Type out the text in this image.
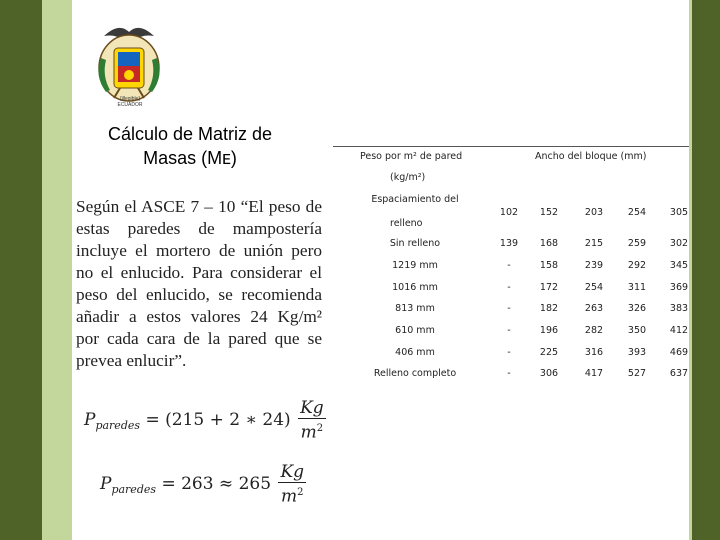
[illegible]
ECUADOR
Cálculo de Matriz de
Masas (Mᴇ)
Según el ASCE 7 – 10 “El peso de estas paredes de mampostería incluye el mortero de unión pero no el enlucido. Para considerar el peso del enlucido, se recomienda añadir a estos valores 24 Kg/m² por cada cara de la pared que se prevea enlucir”.
$P_{paredes} = (215 + 2$ ∗ $24) \frac{Kg}{m^2}$
$P_{paredes} = 263 \approx 265 \frac{Kg}{m^2}$
Peso por m² de pared	Ancho del bloque (mm)
(kg/m²)
Espaciamiento del
relleno
102	152	203	254	305
Sin relleno	139	168	215	259	302
1219 mm	-	158	239	292	345
1016 mm	-	172	254	311	369
813 mm	-	182	263	326	383
610 mm	-	196	282	350	412
406 mm	-	225	316	393	469
Relleno completo	-	306	417	527	637
